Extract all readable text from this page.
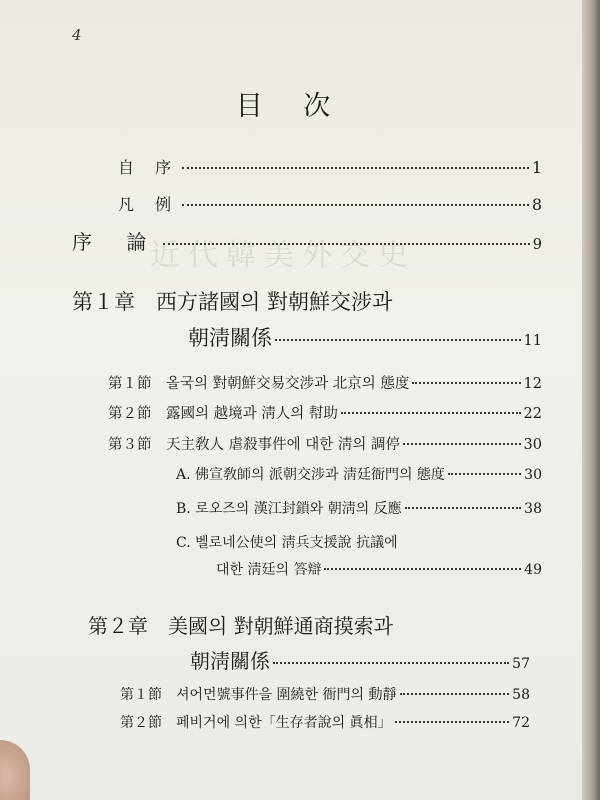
近代韓美外交史
4
目 次
自 序	1
凡 例	8
序 論	9
第１章　西方諸國의 對朝鮮交涉과
朝淸關係	11
第１節　올국의 對朝鮮交易交涉과 北京의 態度	12
第２節　露國의 越境과 淸人의 幇助	22
第３節　天主敎人 虐殺事件에 대한 淸의 調停	30
A. 佛宣敎師의 派朝交涉과 淸廷衙門의 態度	30
B. 로오즈의 漢江封鎖와 朝淸의 反應	38
C. 벨로네公使의 淸兵支援說 抗議에
대한 淸廷의 答辯	49
第２章　美國의 對朝鮮通商摸索과
朝淸關係	57
第１節　셔어먼號事件을 圍繞한 衙門의 動靜	58
第２節　페비거에 의한「生存者說의 眞相」	72
